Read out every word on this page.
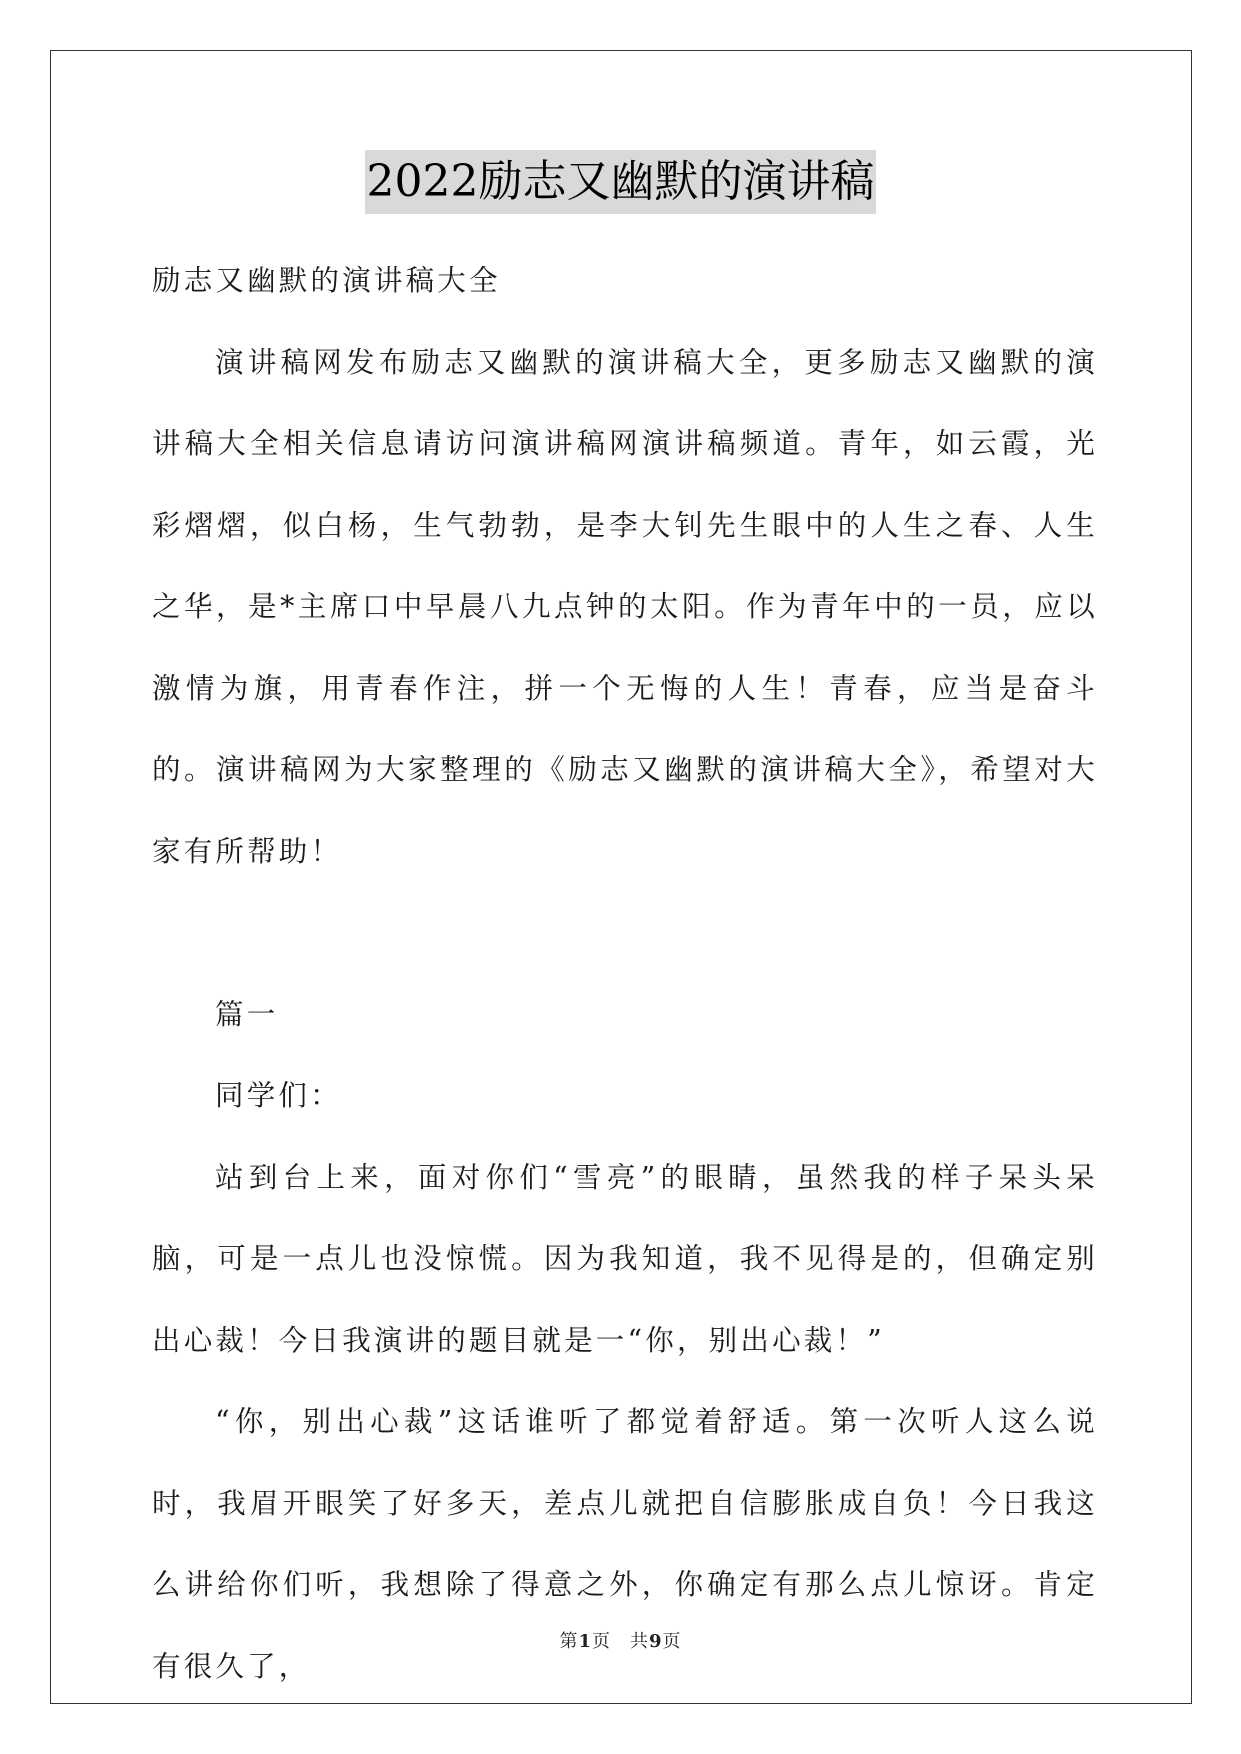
2022励志又幽默的演讲稿

励志又幽默的演讲稿大全

演讲稿网发布励志又幽默的演讲稿大全，更多励志又幽默的演讲稿大全相关信息请访问演讲稿网演讲稿频道。青年，如云霞，光彩熠熠，似白杨，生气勃勃，是李大钊先生眼中的人生之春、人生之华，是*主席口中早晨八九点钟的太阳。作为青年中的一员，应以激情为旗，用青春作注，拼一个无悔的人生！青春，应当是奋斗的。演讲稿网为大家整理的《励志又幽默的演讲稿大全》，希望对大家有所帮助！

篇一

同学们：

站到台上来，面对你们“雪亮”的眼睛，虽然我的样子呆头呆脑，可是一点儿也没惊慌。因为我知道，我不见得是的，但确定别出心裁！今日我演讲的题目就是一“你，别出心裁！”

“你，别出心裁”这话谁听了都觉着舒适。第一次听人这么说时，我眉开眼笑了好多天，差点儿就把自信膨胀成自负！今日我这么讲给你们听，我想除了得意之外，你确定有那么点儿惊讶。肯定有很久了，

第1页　共9页
